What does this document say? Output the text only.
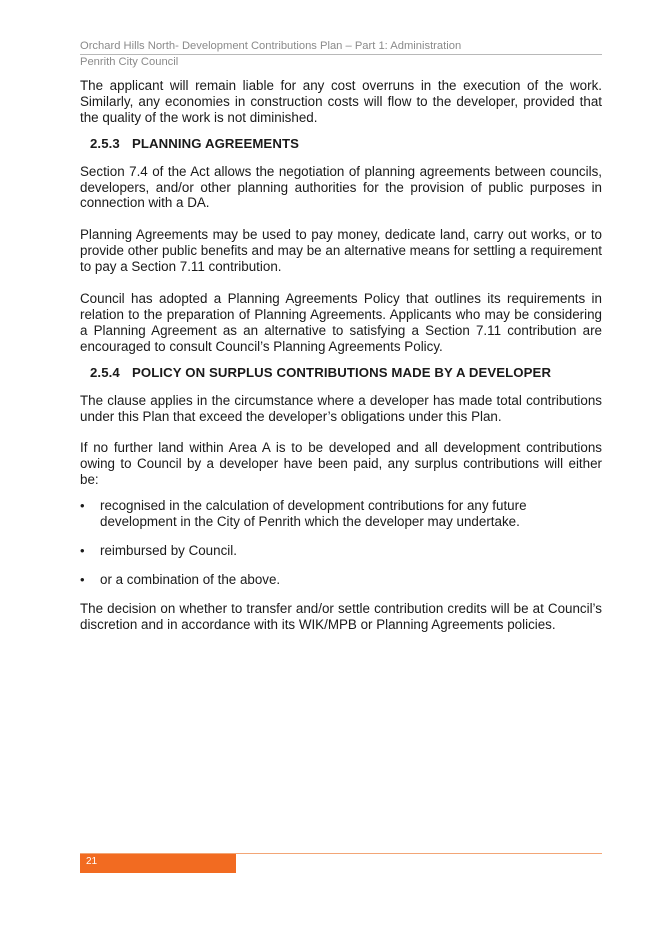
Orchard Hills North- Development Contributions Plan – Part 1: Administration
Penrith City Council

The applicant will remain liable for any cost overruns in the execution of the work. Similarly, any economies in construction costs will flow to the developer, provided that the quality of the work is not diminished.

2.5.3 PLANNING AGREEMENTS

Section 7.4 of the Act allows the negotiation of planning agreements between councils, developers, and/or other planning authorities for the provision of public purposes in connection with a DA.

Planning Agreements may be used to pay money, dedicate land, carry out works, or to provide other public benefits and may be an alternative means for settling a requirement to pay a Section 7.11 contribution.

Council has adopted a Planning Agreements Policy that outlines its requirements in relation to the preparation of Planning Agreements. Applicants who may be considering a Planning Agreement as an alternative to satisfying a Section 7.11 contribution are encouraged to consult Council’s Planning Agreements Policy.

2.5.4 POLICY ON SURPLUS CONTRIBUTIONS MADE BY A DEVELOPER

The clause applies in the circumstance where a developer has made total contributions under this Plan that exceed the developer’s obligations under this Plan.

If no further land within Area A is to be developed and all development contributions owing to Council by a developer have been paid, any surplus contributions will either be:

•	recognised in the calculation of development contributions for any future development in the City of Penrith which the developer may undertake.
•	reimbursed by Council.
•	or a combination of the above.

The decision on whether to transfer and/or settle contribution credits will be at Council’s discretion and in accordance with its WIK/MPB or Planning Agreements policies.

21
